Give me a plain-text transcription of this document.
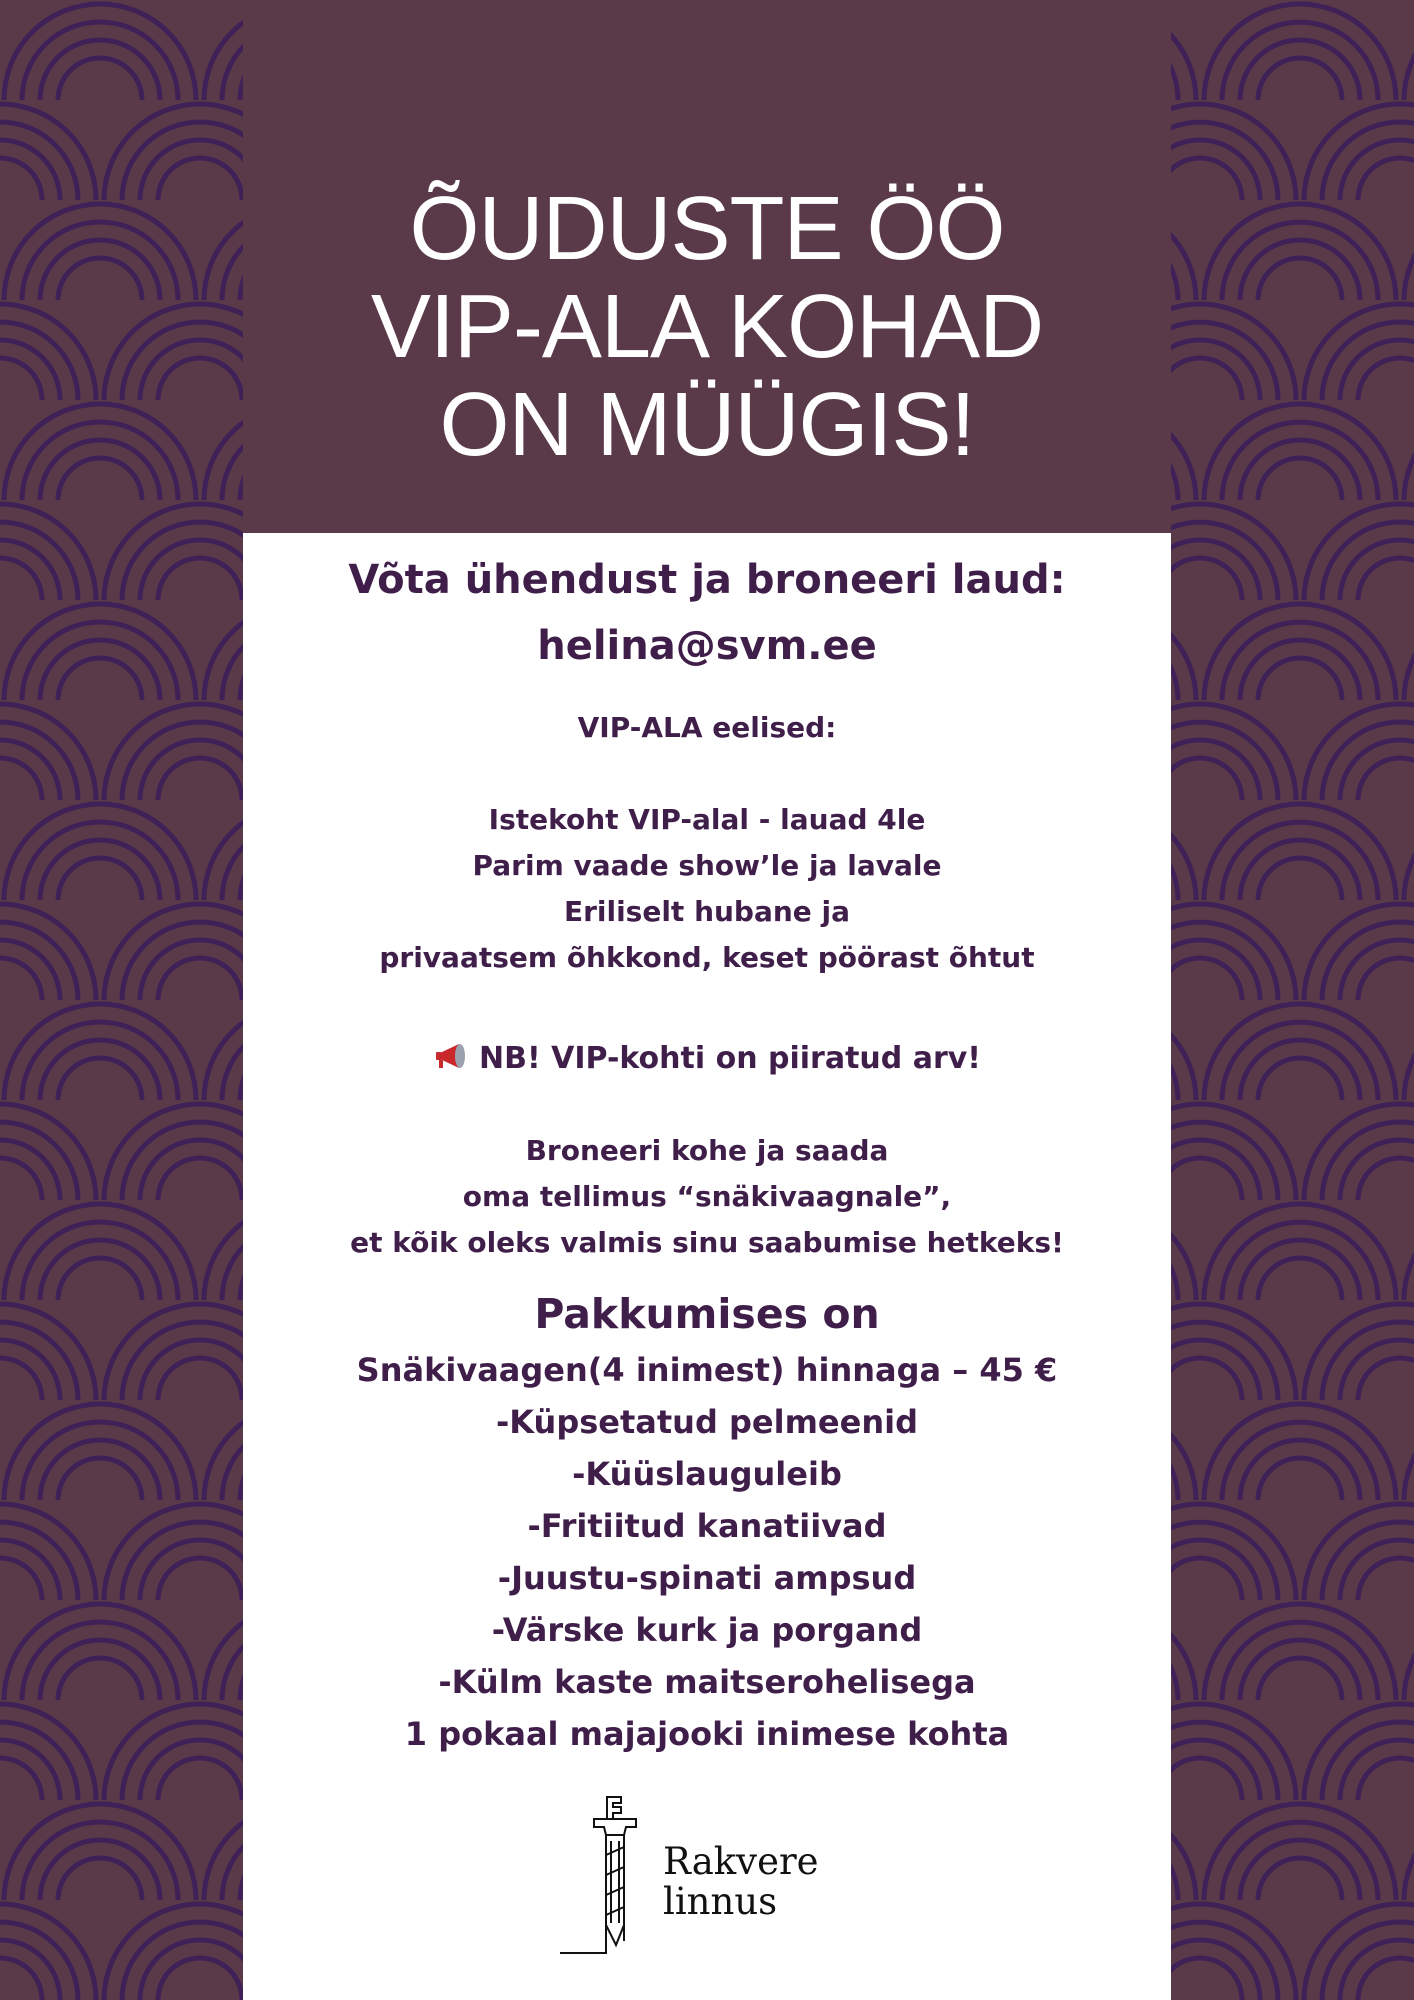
ÕUDUSTE ÖÖ
VIP-ALA KOHAD
ON MÜÜGIS!
Võta ühendust ja broneeri laud:
helina@svm.ee
VIP-ALA eelised:
Istekoht VIP-alal - lauad 4le
Parim vaade show’le ja lavale
Eriliselt hubane ja
privaatsem õhkkond, keset pöörast õhtut
NB! VIP-kohti on piiratud arv!
Broneeri kohe ja saada
oma tellimus “snäkivaagnale”,
et kõik oleks valmis sinu saabumise hetkeks!
Pakkumises on
Snäkivaagen(4 inimest) hinnaga – 45 €
-Küpsetatud pelmeenid
-Küüslauguleib
-Fritiitud kanatiivad
-Juustu-spinati ampsud
-Värske kurk ja porgand
-Külm kaste maitserohelisega
1 pokaal majajooki inimese kohta
Rakvere
linnus
